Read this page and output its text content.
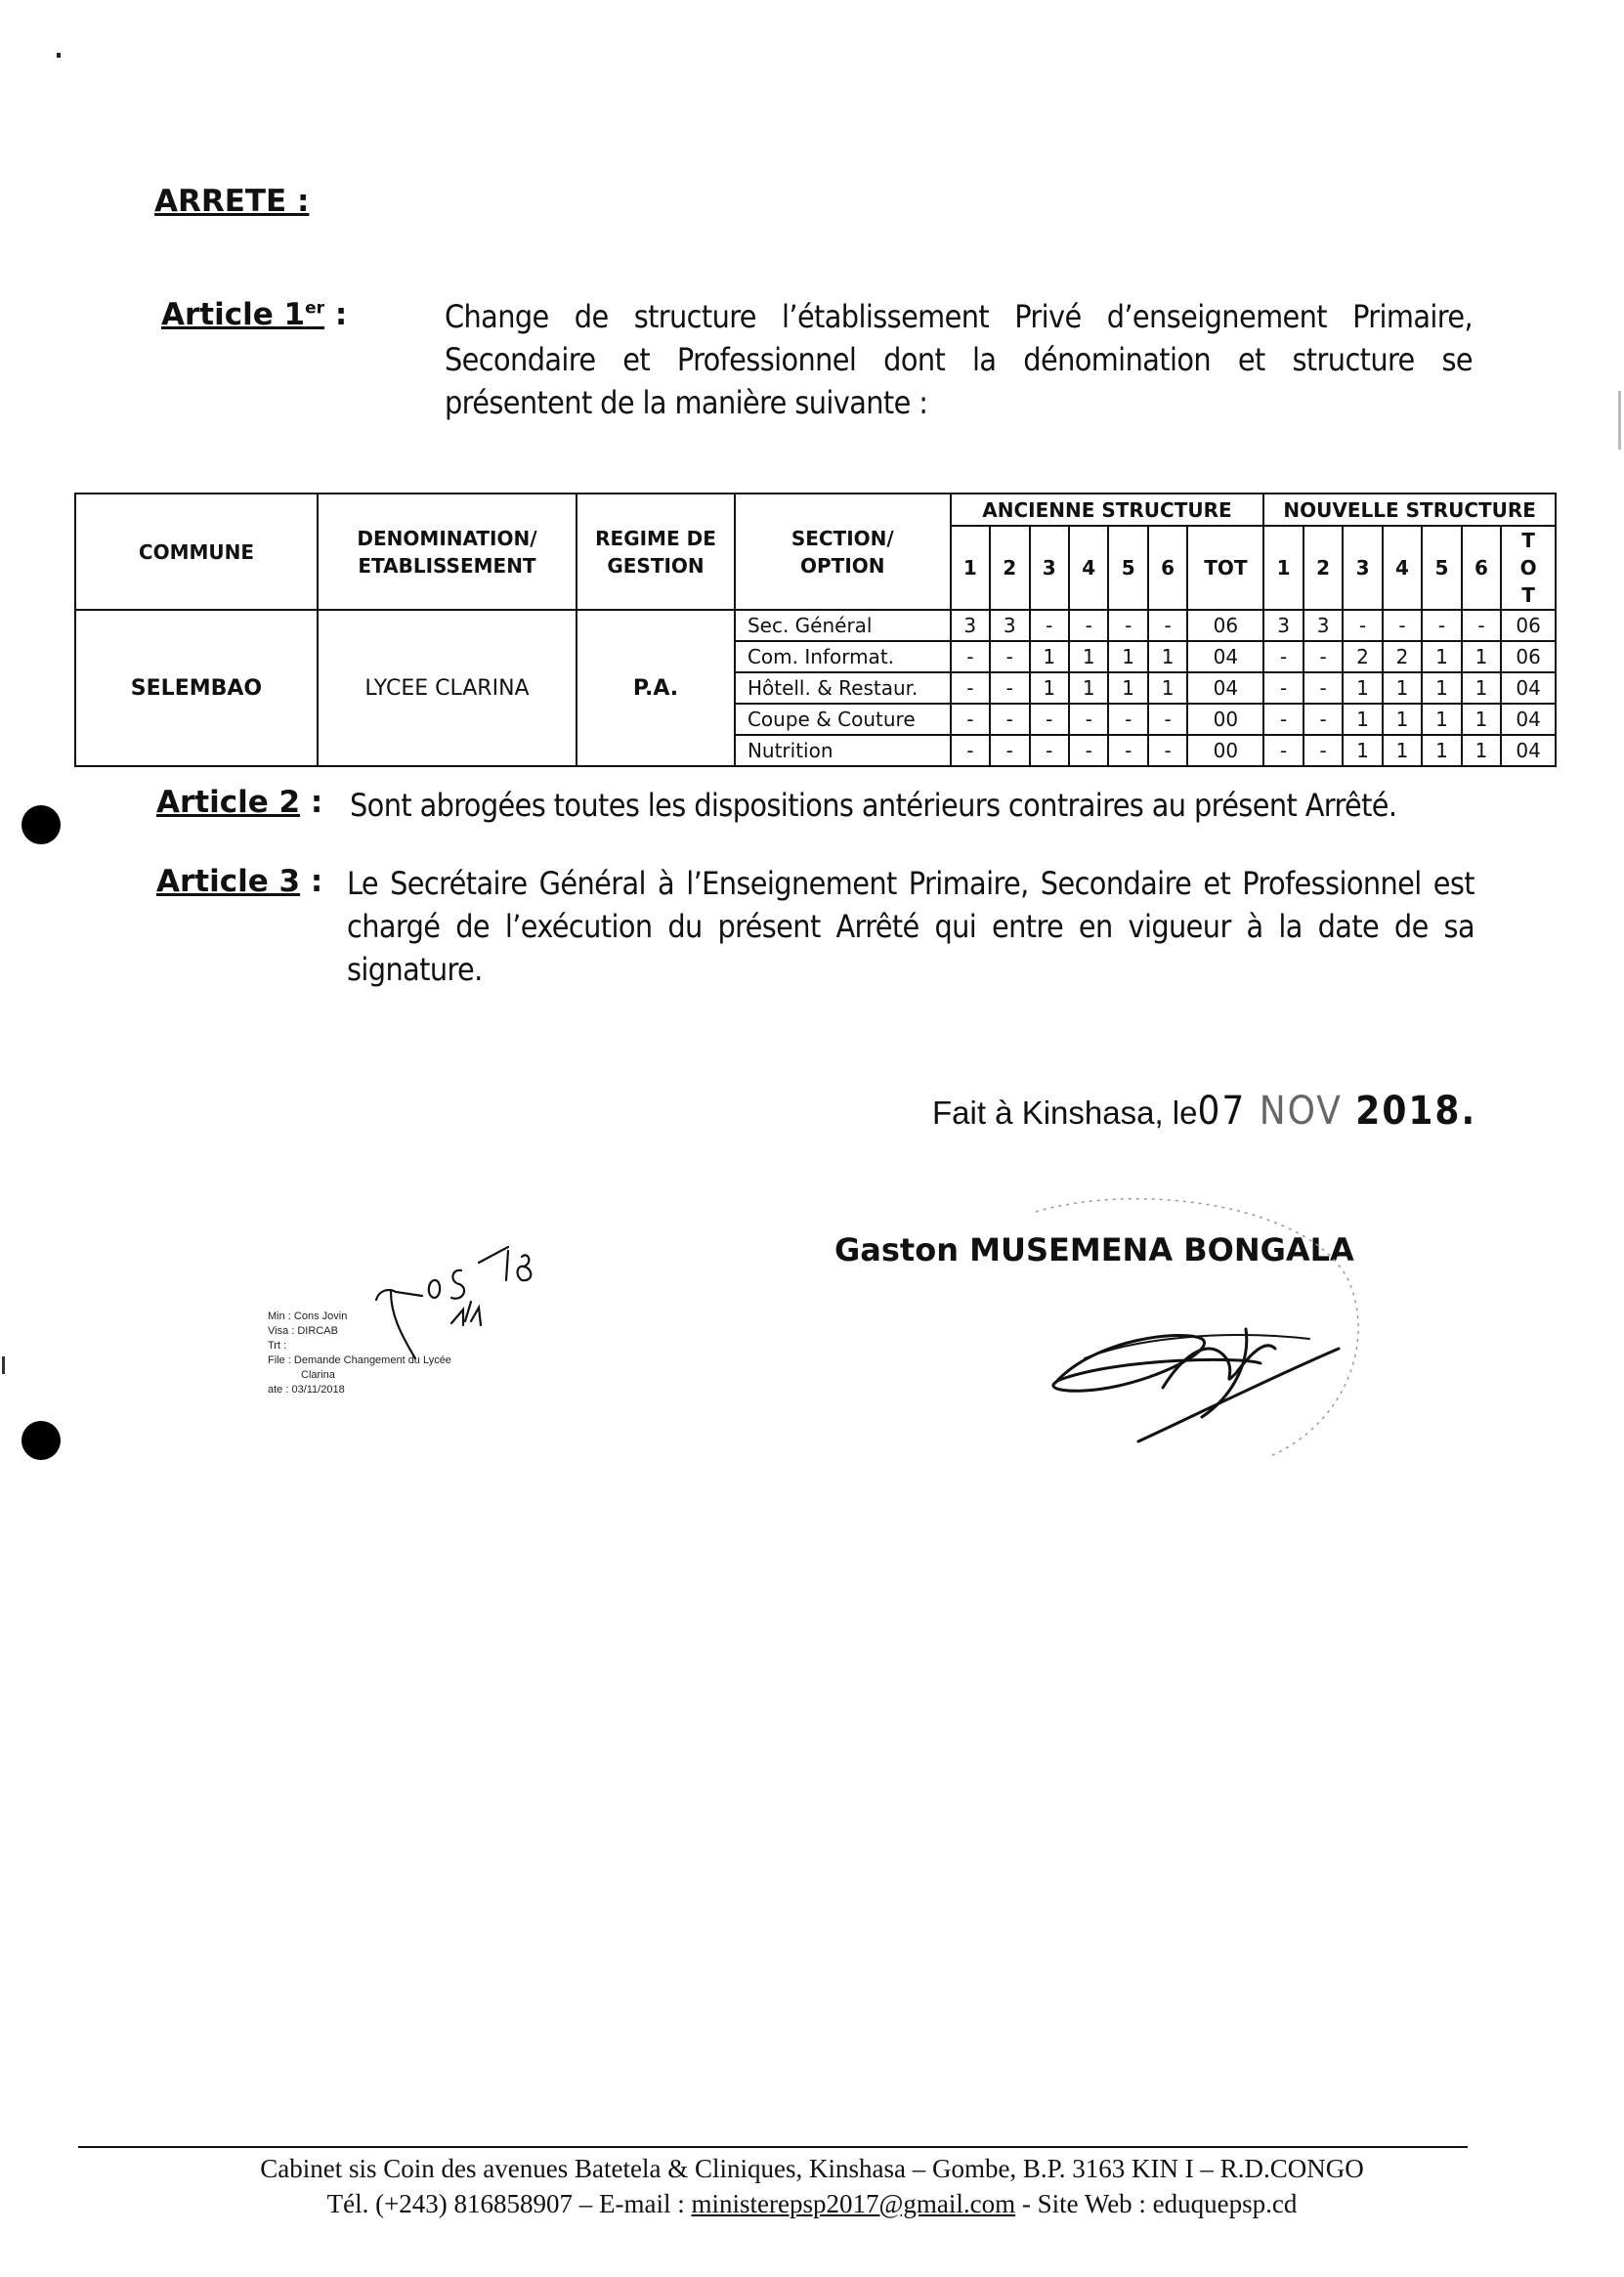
ARRETE :
Article 1er :	Change de structure l’établissement Privé d’enseignement Primaire, Secondaire et Professionnel dont la dénomination et structure se présentent de la manière suivante :
COMMUNE	DENOMINATION/ ETABLISSEMENT	REGIME DE GESTION	SECTION/ OPTION	ANCIENNE STRUCTURE							NOUVELLE STRUCTURE						
				1	2	3	4	5	6	TOT	1	2	3	4	5	6	TO T
SELEMBAO	LYCEE CLARINA	P.A.	Sec. Général	3	3	-	-	-	-	06	3	3	-	-	-	-	06
			Com. Informat.	-	-	1	1	1	1	04	-	-	2	2	1	1	06
			Hôtell. & Restaur.	-	-	1	1	1	1	04	-	-	1	1	1	1	04
			Coupe & Couture	-	-	-	-	-	-	00	-	-	1	1	1	1	04
			Nutrition	-	-	-	-	-	-	00	-	-	1	1	1	1	04
Article 2 : Sont abrogées toutes les dispositions antérieurs contraires au présent Arrêté.
Article 3 : Le Secrétaire Général à l’Enseignement Primaire, Secondaire et Professionnel est chargé de l’exécution du présent Arrêté qui entre en vigueur à la date de sa signature.
Fait à Kinshasa, le07 NOV 2018.
Gaston MUSEMENA BONGALA
Min : Cons Jovin
Visa : DIRCAB
Trt :
File : Demande Changement du Lycée
Clarina
ate : 03/11/2018
Cabinet sis Coin des avenues Batetela & Cliniques, Kinshasa – Gombe, B.P. 3163 KIN I – R.D.CONGO
Tél. (+243) 816858907 – E-mail : ministerepsp2017@gmail.com - Site Web : eduquepsp.cd
